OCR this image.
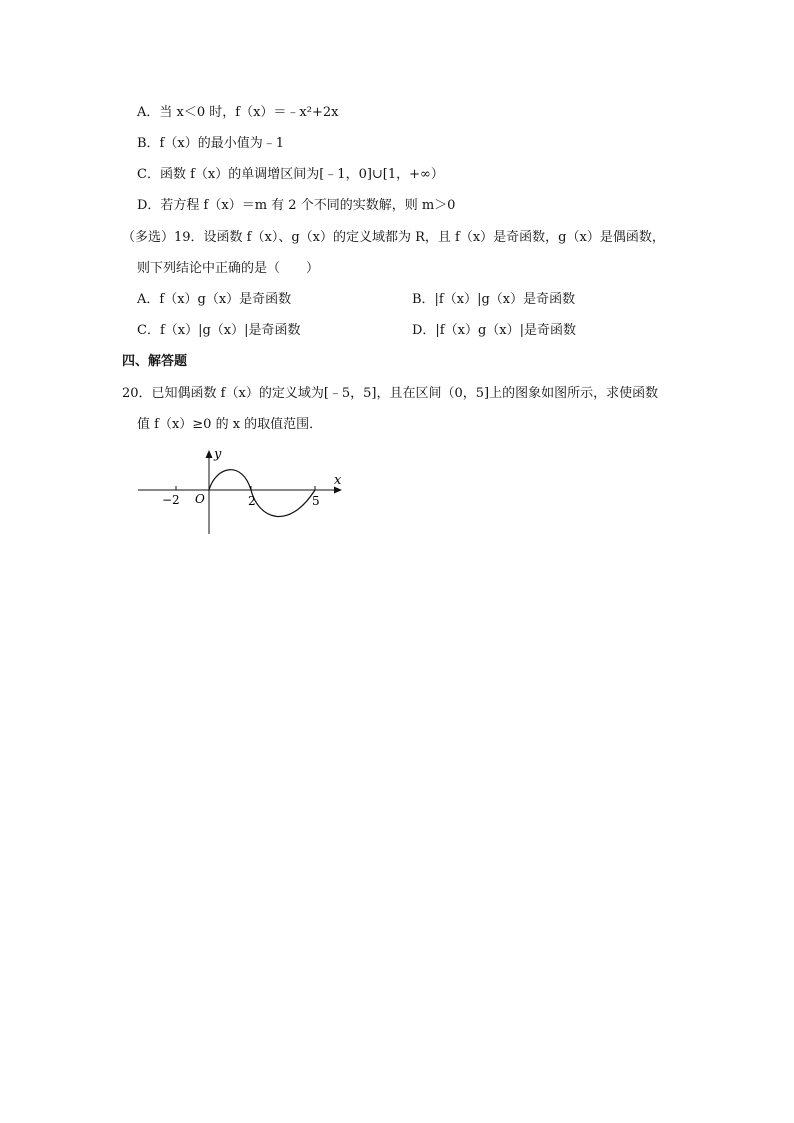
A．当 x＜0 时，f（x）＝﹣x²+2x
B．f（x）的最小值为﹣1
C．函数 f（x）的单调增区间为[﹣1，0]∪[1，+∞）
D．若方程 f（x）＝m 有 2 个不同的实数解，则 m＞0
（多选）19．设函数 f（x）、g（x）的定义域都为 R，且 f（x）是奇函数，g（x）是偶函数，
则下列结论中正确的是（　　）
A．f（x）g（x）是奇函数	B．|f（x）|g（x）是奇函数
C．f（x）|g（x）|是奇函数	D．|f（x）g（x）|是奇函数
四、解答题
20．已知偶函数 f（x）的定义域为[﹣5，5]，且在区间（0，5]上的图象如图所示，求使函数
值 f（x）≥0 的 x 的取值范围．
y
x
O
−2	2	5
